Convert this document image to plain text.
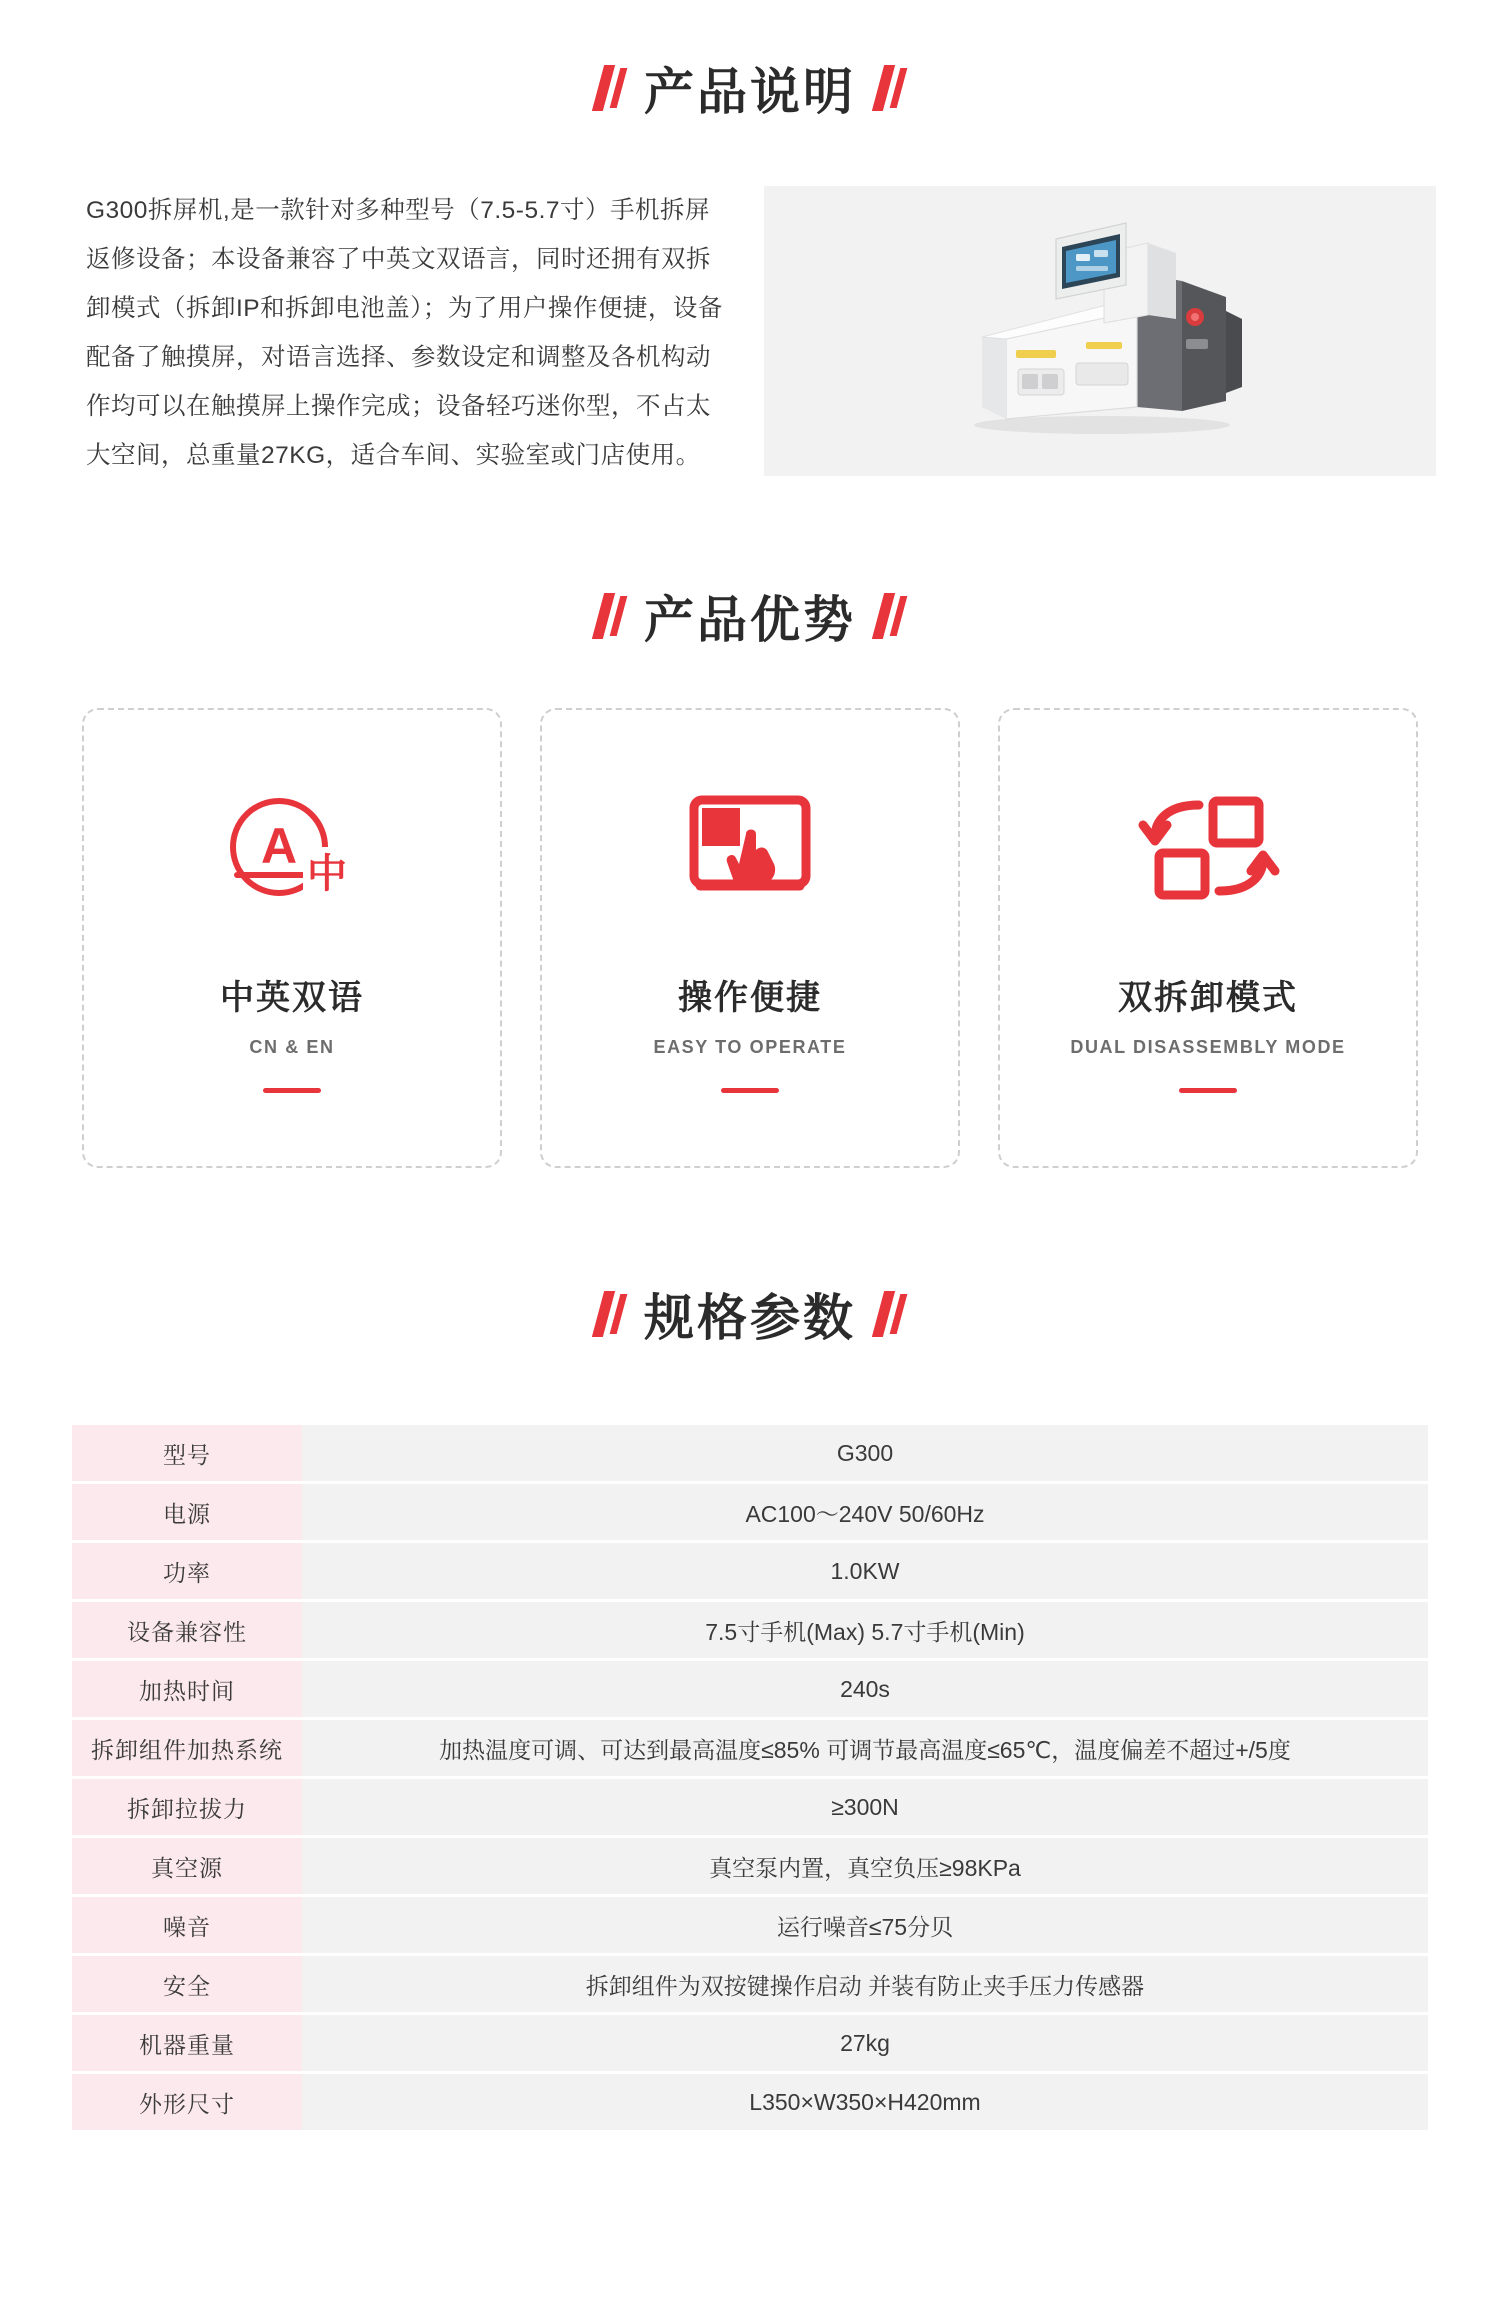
产品说明

G300拆屏机,是一款针对多种型号（7.5-5.7寸）手机拆屏返修设备；本设备兼容了中英文双语言，同时还拥有双拆卸模式（拆卸IP和拆卸电池盖）；为了用户操作便捷，设备配备了触摸屏，对语言选择、参数设定和调整及各机构动作均可以在触摸屏上操作完成；设备轻巧迷你型，不占太大空间，总重量27KG，适合车间、实验室或门店使用。

产品优势
A 中
中英双语
CN & EN
操作便捷
EASY TO OPERATE
双拆卸模式
DUAL DISASSEMBLY MODE
规格参数
型号	G300
电源	AC100～240V 50/60Hz
功率	1.0KW
设备兼容性	7.5寸手机(Max) 5.7寸手机(Min)
加热时间	240s
拆卸组件加热系统	加热温度可调、可达到最高温度≤85% 可调节最高温度≤65℃，温度偏差不超过+/5度
拆卸拉拔力	≥300N
真空源	真空泵内置，真空负压≥98KPa
噪音	运行噪音≤75分贝
安全	拆卸组件为双按键操作启动 并装有防止夹手压力传感器
机器重量	27kg
外形尺寸	L350×W350×H420mm
